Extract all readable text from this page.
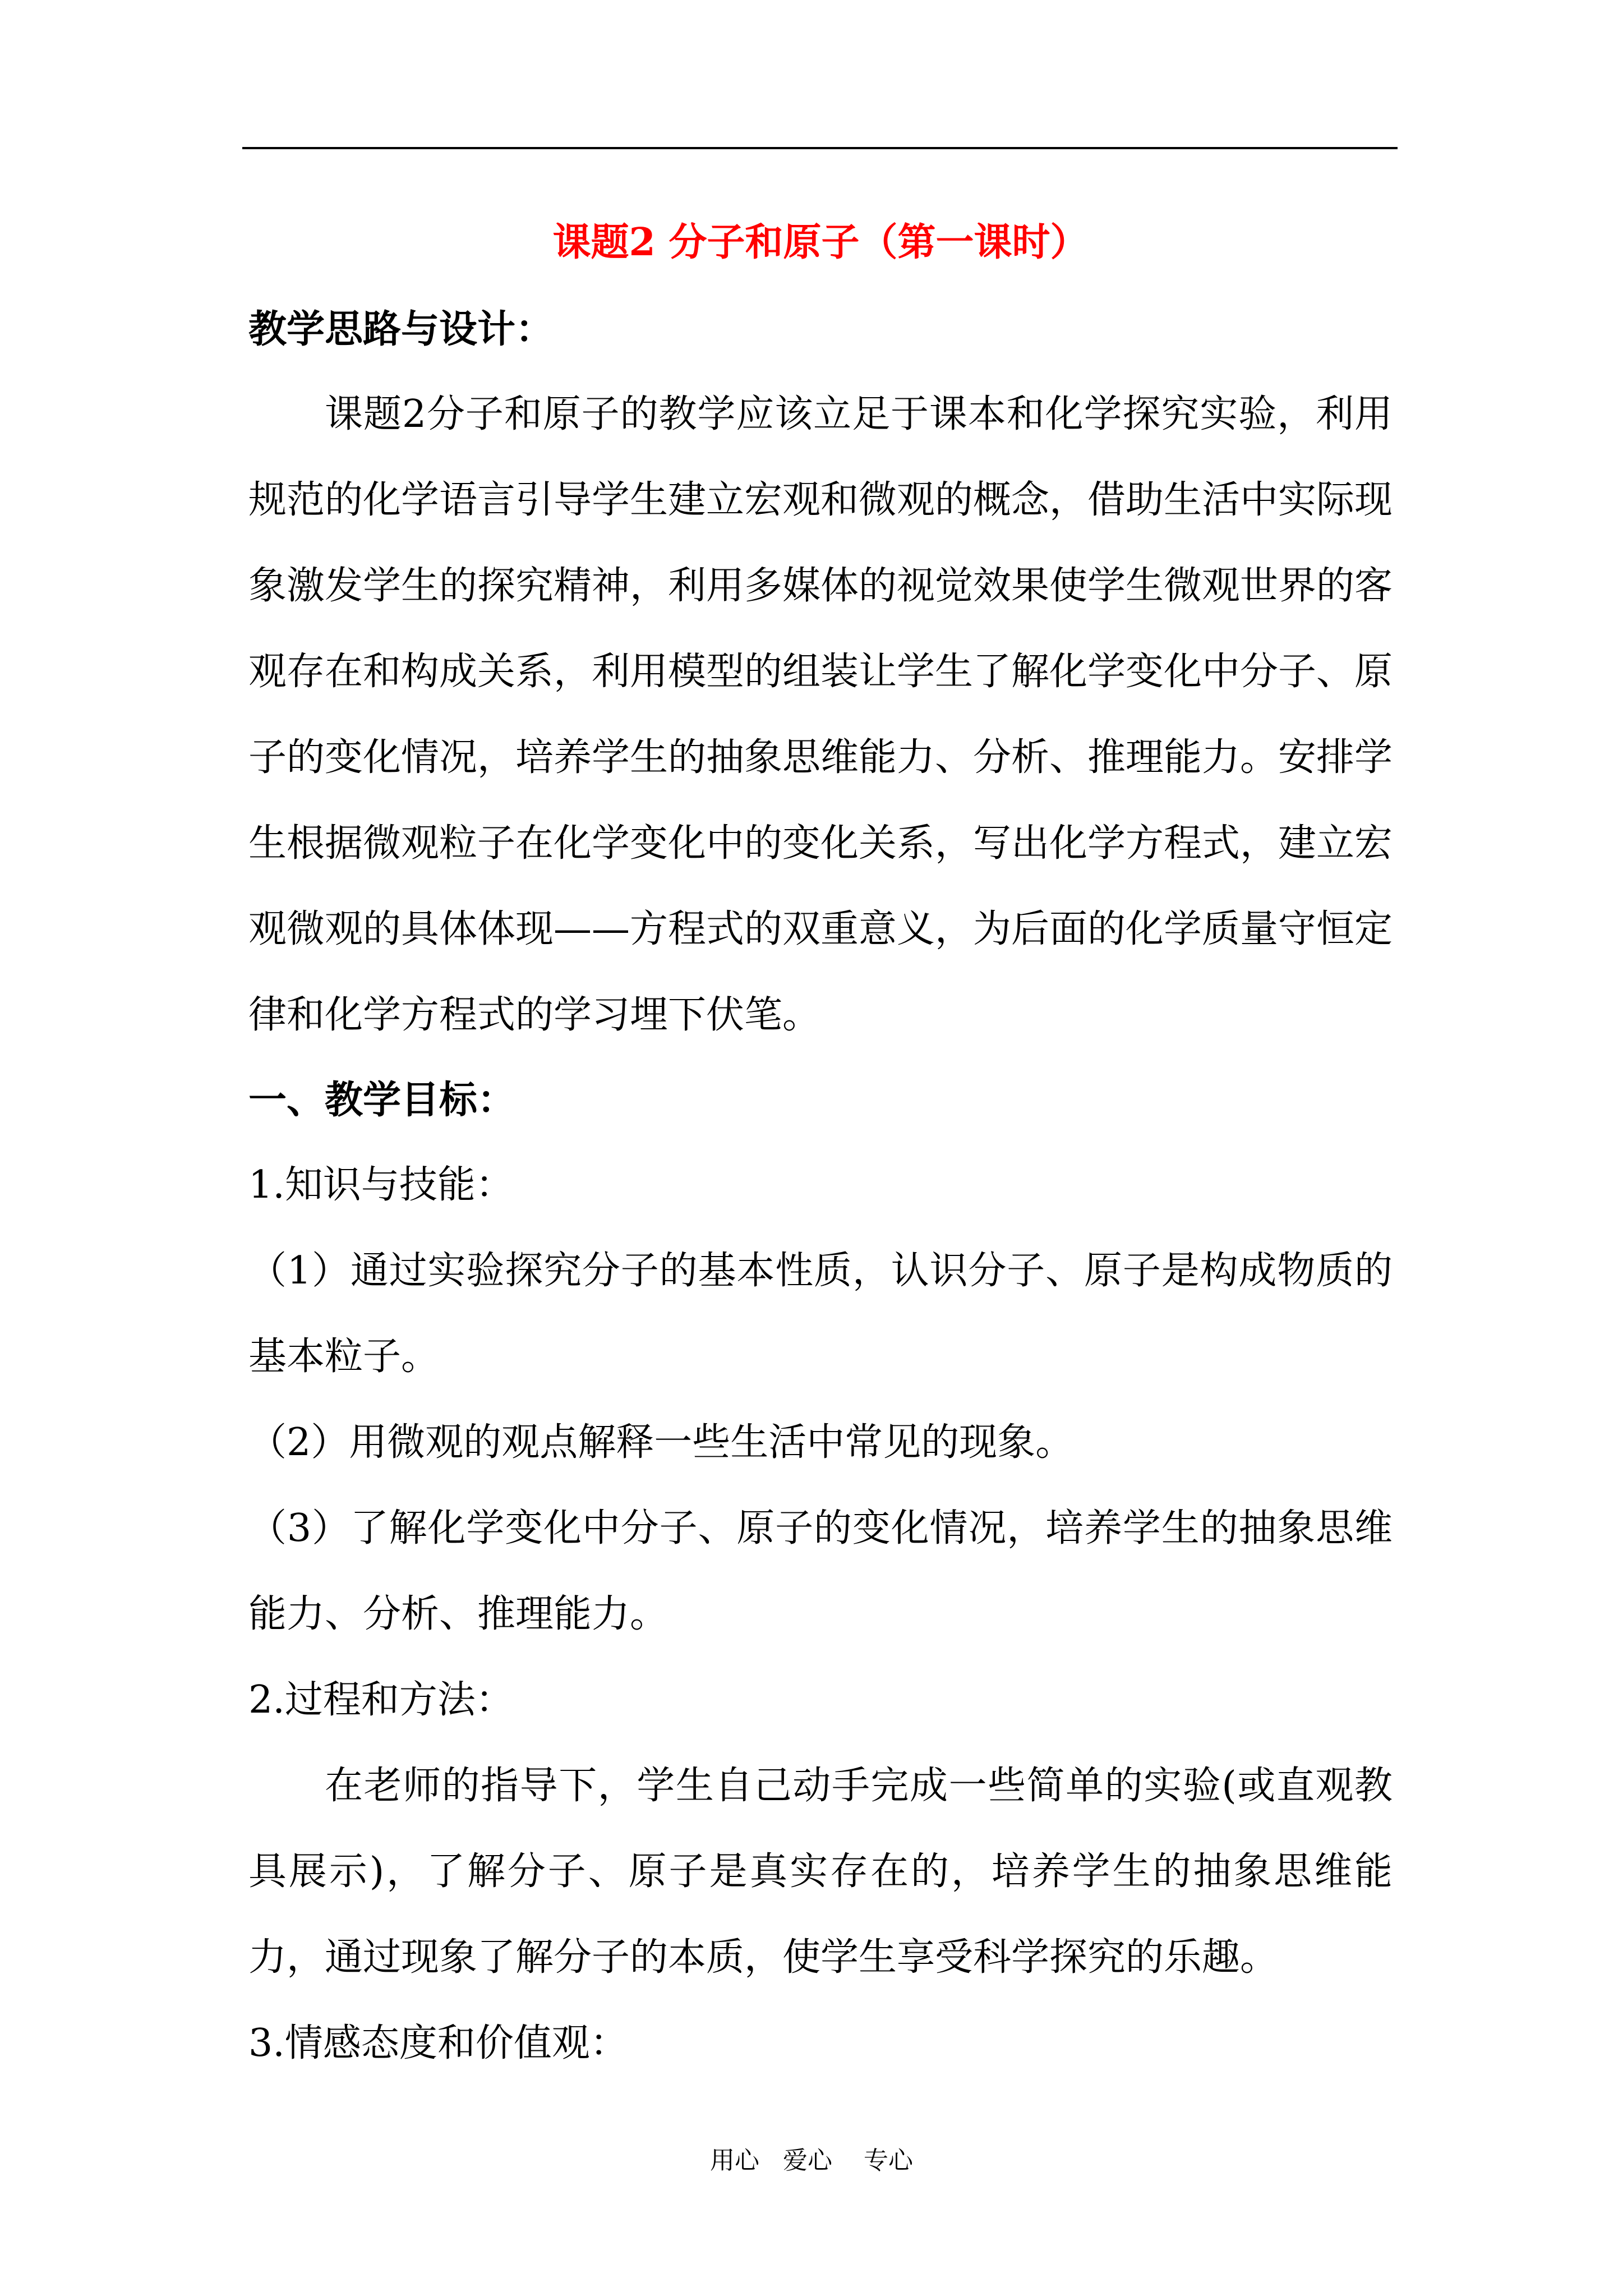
课题2 分子和原子（第一课时）

教学思路与设计：

课题2分子和原子的教学应该立足于课本和化学探究实验，利用规范的化学语言引导学生建立宏观和微观的概念，借助生活中实际现象激发学生的探究精神，利用多媒体的视觉效果使学生微观世界的客观存在和构成关系，利用模型的组装让学生了解化学变化中分子、原子的变化情况，培养学生的抽象思维能力、分析、推理能力。安排学生根据微观粒子在化学变化中的变化关系，写出化学方程式，建立宏观微观的具体体现——方程式的双重意义，为后面的化学质量守恒定律和化学方程式的学习埋下伏笔。

一、教学目标：

1.知识与技能：

（1）通过实验探究分子的基本性质，认识分子、原子是构成物质的基本粒子。

（2）用微观的观点解释一些生活中常见的现象。

（3）了解化学变化中分子、原子的变化情况，培养学生的抽象思维能力、分析、推理能力。

2.过程和方法：

在老师的指导下，学生自己动手完成一些简单的实验(或直观教具展示)，了解分子、原子是真实存在的，培养学生的抽象思维能力，通过现象了解分子的本质，使学生享受科学探究的乐趣。

3.情感态度和价值观：

用心   爱心    专心
